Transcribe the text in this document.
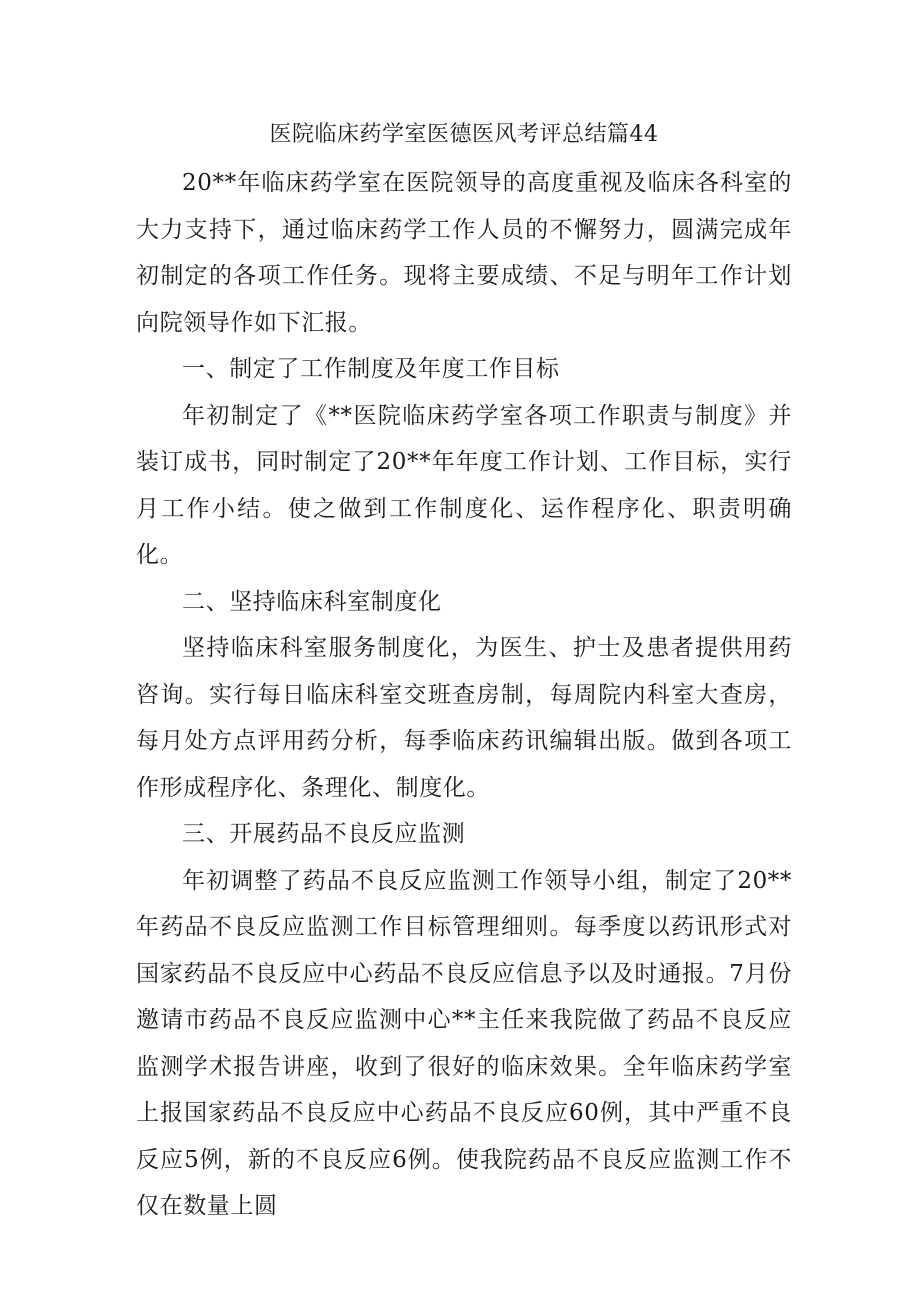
医院临床药学室医德医风考评总结篇44

20**年临床药学室在医院领导的高度重视及临床各科室的大力支持下，通过临床药学工作人员的不懈努力，圆满完成年初制定的各项工作任务。现将主要成绩、不足与明年工作计划向院领导作如下汇报。

一、制定了工作制度及年度工作目标

年初制定了《**医院临床药学室各项工作职责与制度》并装订成书，同时制定了20**年年度工作计划、工作目标，实行月工作小结。使之做到工作制度化、运作程序化、职责明确化。

二、坚持临床科室制度化

坚持临床科室服务制度化，为医生、护士及患者提供用药咨询。实行每日临床科室交班查房制，每周院内科室大查房，每月处方点评用药分析，每季临床药讯编辑出版。做到各项工作形成程序化、条理化、制度化。

三、开展药品不良反应监测

年初调整了药品不良反应监测工作领导小组，制定了20**年药品不良反应监测工作目标管理细则。每季度以药讯形式对国家药品不良反应中心药品不良反应信息予以及时通报。7月份邀请市药品不良反应监测中心**主任来我院做了药品不良反应监测学术报告讲座，收到了很好的临床效果。全年临床药学室上报国家药品不良反应中心药品不良反应60例，其中严重不良反应5例，新的不良反应6例。使我院药品不良反应监测工作不仅在数量上圆
